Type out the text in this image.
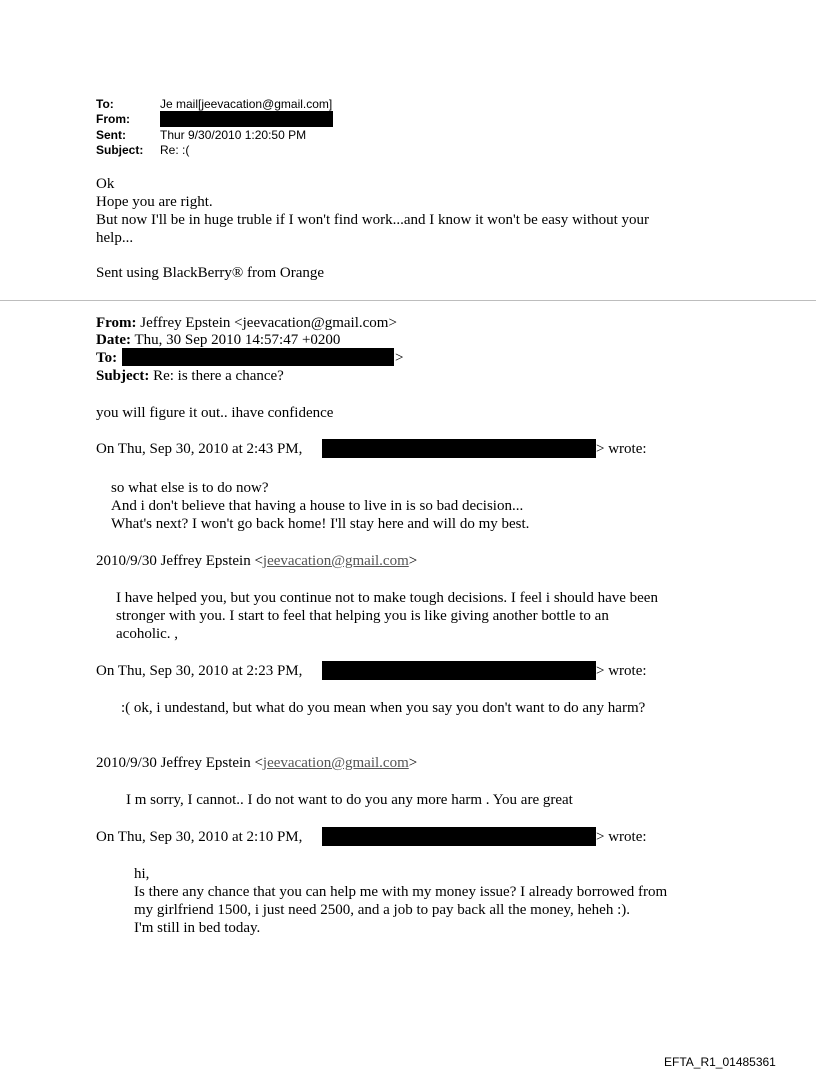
To:	Je mail[jeevacation@gmail.com]
From:
Sent:	Thur 9/30/2010 1:20:50 PM
Subject: Re: :(
Ok
Hope you are right.
But now I'll be in huge truble if I won't find work...and I know it won't be easy without your
help...
Sent using BlackBerry® from Orange
From: Jeffrey Epstein <jeevacation@gmail.com>
Date: Thu, 30 Sep 2010 14:57:47 +0200
To:	>
Subject: Re: is there a chance?
you will figure it out.. ihave confidence
On Thu, Sep 30, 2010 at 2:43 PM,	> wrote:
so what else is to do now?
And i don't believe that having a house to live in is so bad decision...
What's next? I won't go back home! I'll stay here and will do my best.
2010/9/30 Jeffrey Epstein <jeevacation@gmail.com>
I have helped you, but you continue not to make tough decisions. I feel i should have been
stronger with you. I start to feel that helping you is like giving another bottle to an
acoholic. ,
On Thu, Sep 30, 2010 at 2:23 PM,	> wrote:
:( ok, i undestand, but what do you mean when you say you don't want to do any harm?
2010/9/30 Jeffrey Epstein <jeevacation@gmail.com>
I m sorry, I cannot.. I do not want to do you any more harm . You are great
On Thu, Sep 30, 2010 at 2:10 PM,	> wrote:
hi,
Is there any chance that you can help me with my money issue? I already borrowed from
my girlfriend 1500, i just need 2500, and a job to pay back all the money, heheh :).
I'm still in bed today.
EFTA_R1_01485361
